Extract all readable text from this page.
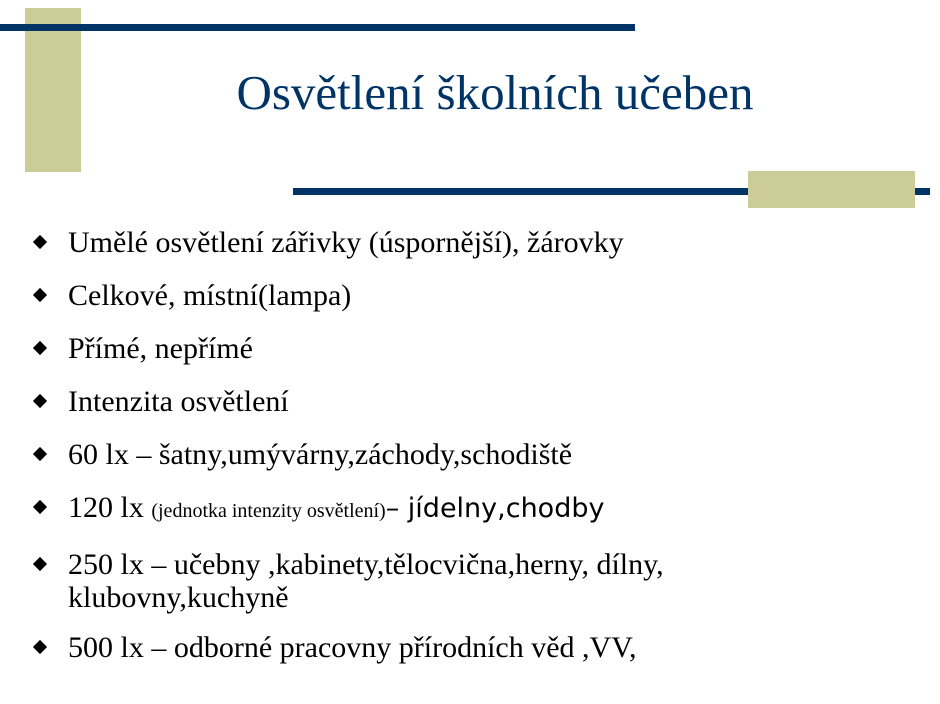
Osvětlení školních učeben
Umělé osvětlení zářivky (úspornější), žárovky
Celkové, místní(lampa)
Přímé, nepřímé
Intenzita osvětlení
60 lx – šatny,umývárny,záchody,schodiště
120 lx (jednotka intenzity osvětlení)– jídelny,chodby
250 lx – učebny ,kabinety,tělocvična,herny, dílny,
klubovny,kuchyně
500 lx – odborné pracovny přírodních věd ,VV,
